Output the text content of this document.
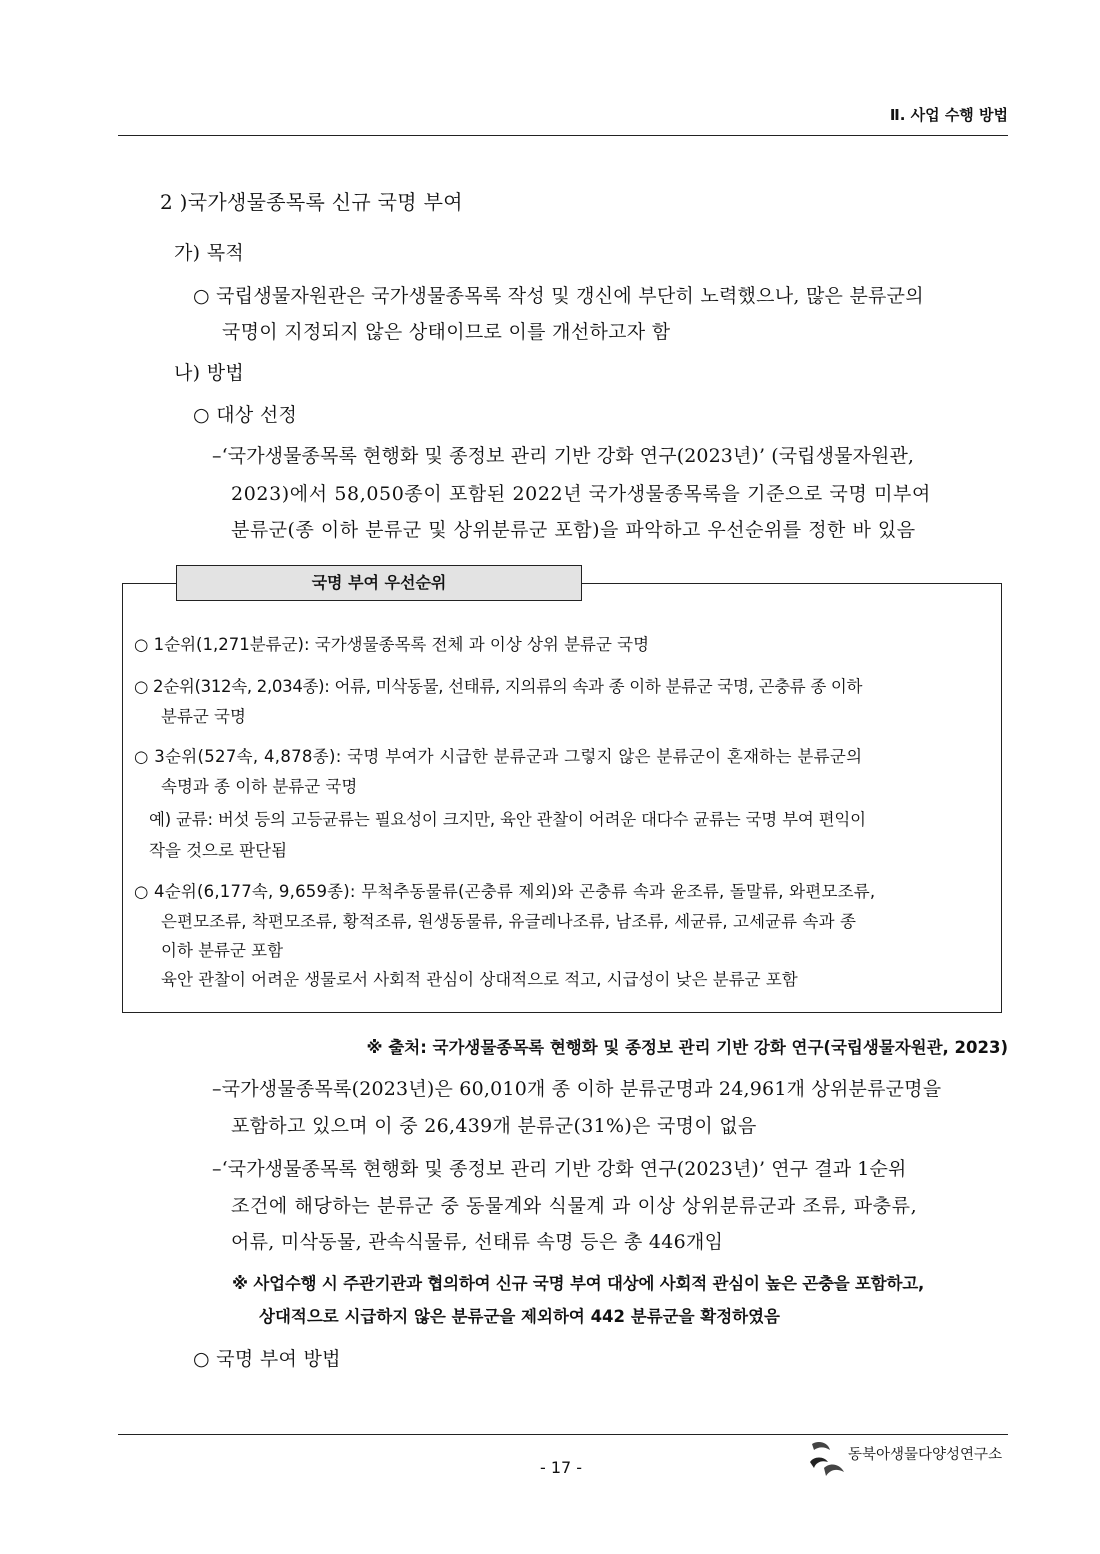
Ⅱ. 사업 수행 방법
2 )국가생물종목록 신규 국명 부여
가) 목적
○ 국립생물자원관은 국가생물종목록 작성 및 갱신에 부단히 노력했으나, 많은 분류군의
국명이 지정되지 않은 상태이므로 이를 개선하고자 함
나) 방법
○ 대상 선정
–‘국가생물종목록 현행화 및 종정보 관리 기반 강화 연구(2023년)’ (국립생물자원관,
2023)에서 58,050종이 포함된 2022년 국가생물종목록을 기준으로 국명 미부여
분류군(종 이하 분류군 및 상위분류군 포함)을 파악하고 우선순위를 정한 바 있음
국명 부여 우선순위
○ 1순위(1,271분류군): 국가생물종목록 전체 과 이상 상위 분류군 국명
○ 2순위(312속, 2,034종): 어류, 미삭동물, 선태류, 지의류의 속과 종 이하 분류군 국명, 곤충류 종 이하
분류군 국명
○ 3순위(527속, 4,878종): 국명 부여가 시급한 분류군과 그렇지 않은 분류군이 혼재하는 분류군의
속명과 종 이하 분류군 국명
예) 균류: 버섯 등의 고등균류는 필요성이 크지만, 육안 관찰이 어려운 대다수 균류는 국명 부여 편익이
작을 것으로 판단됨
○ 4순위(6,177속, 9,659종): 무척추동물류(곤충류 제외)와 곤충류 속과 윤조류, 돌말류, 와편모조류,
은편모조류, 착편모조류, 황적조류, 원생동물류, 유글레나조류, 남조류, 세균류, 고세균류 속과 종
이하 분류군 포함
육안 관찰이 어려운 생물로서 사회적 관심이 상대적으로 적고, 시급성이 낮은 분류군 포함
※ 출처: 국가생물종목록 현행화 및 종정보 관리 기반 강화 연구(국립생물자원관, 2023)
–국가생물종목록(2023년)은 60,010개 종 이하 분류군명과 24,961개 상위분류군명을
포함하고 있으며 이 중 26,439개 분류군(31%)은 국명이 없음
–‘국가생물종목록 현행화 및 종정보 관리 기반 강화 연구(2023년)’ 연구 결과 1순위
조건에 해당하는 분류군 중 동물계와 식물계 과 이상 상위분류군과 조류, 파충류,
어류, 미삭동물, 관속식물류, 선태류 속명 등은 총 446개임
※ 사업수행 시 주관기관과 협의하여 신규 국명 부여 대상에 사회적 관심이 높은 곤충을 포함하고,
상대적으로 시급하지 않은 분류군을 제외하여 442 분류군을 확정하였음
○ 국명 부여 방법
- 17 -
동북아생물다양성연구소
